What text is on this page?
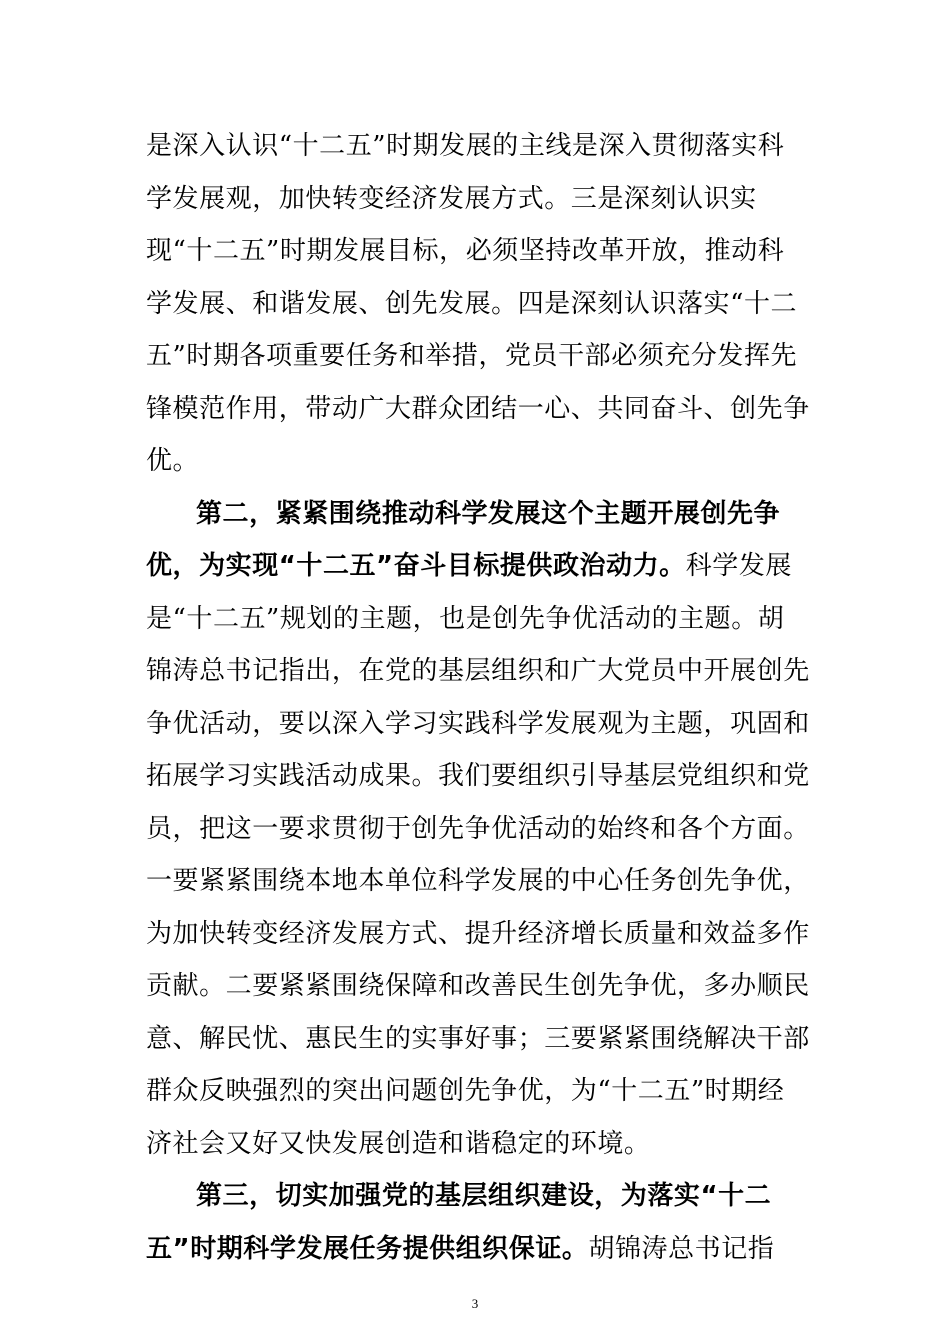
是深入认识“十二五”时期发展的主线是深入贯彻落实科
学发展观，加快转变经济发展方式。三是深刻认识实
现“十二五”时期发展目标，必须坚持改革开放，推动科
学发展、和谐发展、创先发展。四是深刻认识落实“十二
五”时期各项重要任务和举措，党员干部必须充分发挥先
锋模范作用，带动广大群众团结一心、共同奋斗、创先争
优。
第二，紧紧围绕推动科学发展这个主题开展创先争
优，为实现“十二五”奋斗目标提供政治动力。科学发展
是“十二五”规划的主题，也是创先争优活动的主题。胡
锦涛总书记指出，在党的基层组织和广大党员中开展创先
争优活动，要以深入学习实践科学发展观为主题，巩固和
拓展学习实践活动成果。我们要组织引导基层党组织和党
员，把这一要求贯彻于创先争优活动的始终和各个方面。
一要紧紧围绕本地本单位科学发展的中心任务创先争优，
为加快转变经济发展方式、提升经济增长质量和效益多作
贡献。二要紧紧围绕保障和改善民生创先争优，多办顺民
意、解民忧、惠民生的实事好事；三要紧紧围绕解决干部
群众反映强烈的突出问题创先争优，为“十二五”时期经
济社会又好又快发展创造和谐稳定的环境。
第三，切实加强党的基层组织建设，为落实“十二
五”时期科学发展任务提供组织保证。胡锦涛总书记指
3
